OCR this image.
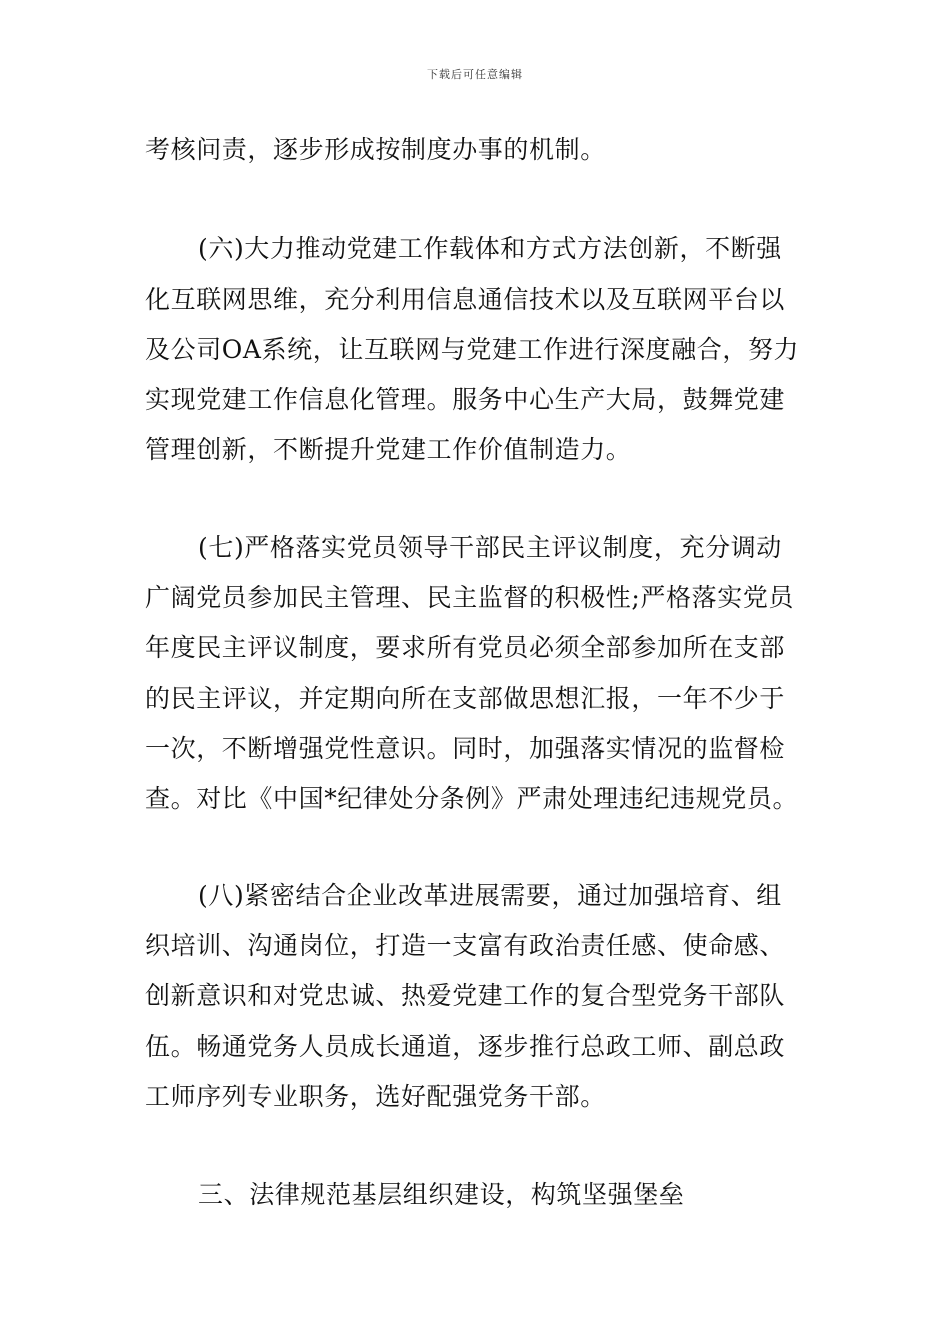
下载后可任意编辑
考核问责，逐步形成按制度办事的机制。
(六)大力推动党建工作载体和方式方法创新，不断强
化互联网思维，充分利用信息通信技术以及互联网平台以
及公司OA系统，让互联网与党建工作进行深度融合，努力
实现党建工作信息化管理。服务中心生产大局，鼓舞党建
管理创新，不断提升党建工作价值制造力。
(七)严格落实党员领导干部民主评议制度，充分调动
广阔党员参加民主管理、民主监督的积极性;严格落实党员
年度民主评议制度，要求所有党员必须全部参加所在支部
的民主评议，并定期向所在支部做思想汇报，一年不少于
一次，不断增强党性意识。同时，加强落实情况的监督检
查。对比《中国*纪律处分条例》严肃处理违纪违规党员。
(八)紧密结合企业改革进展需要，通过加强培育、组
织培训、沟通岗位，打造一支富有政治责任感、使命感、
创新意识和对党忠诚、热爱党建工作的复合型党务干部队
伍。畅通党务人员成长通道，逐步推行总政工师、副总政
工师序列专业职务，选好配强党务干部。
三、法律规范基层组织建设，构筑坚强堡垒
